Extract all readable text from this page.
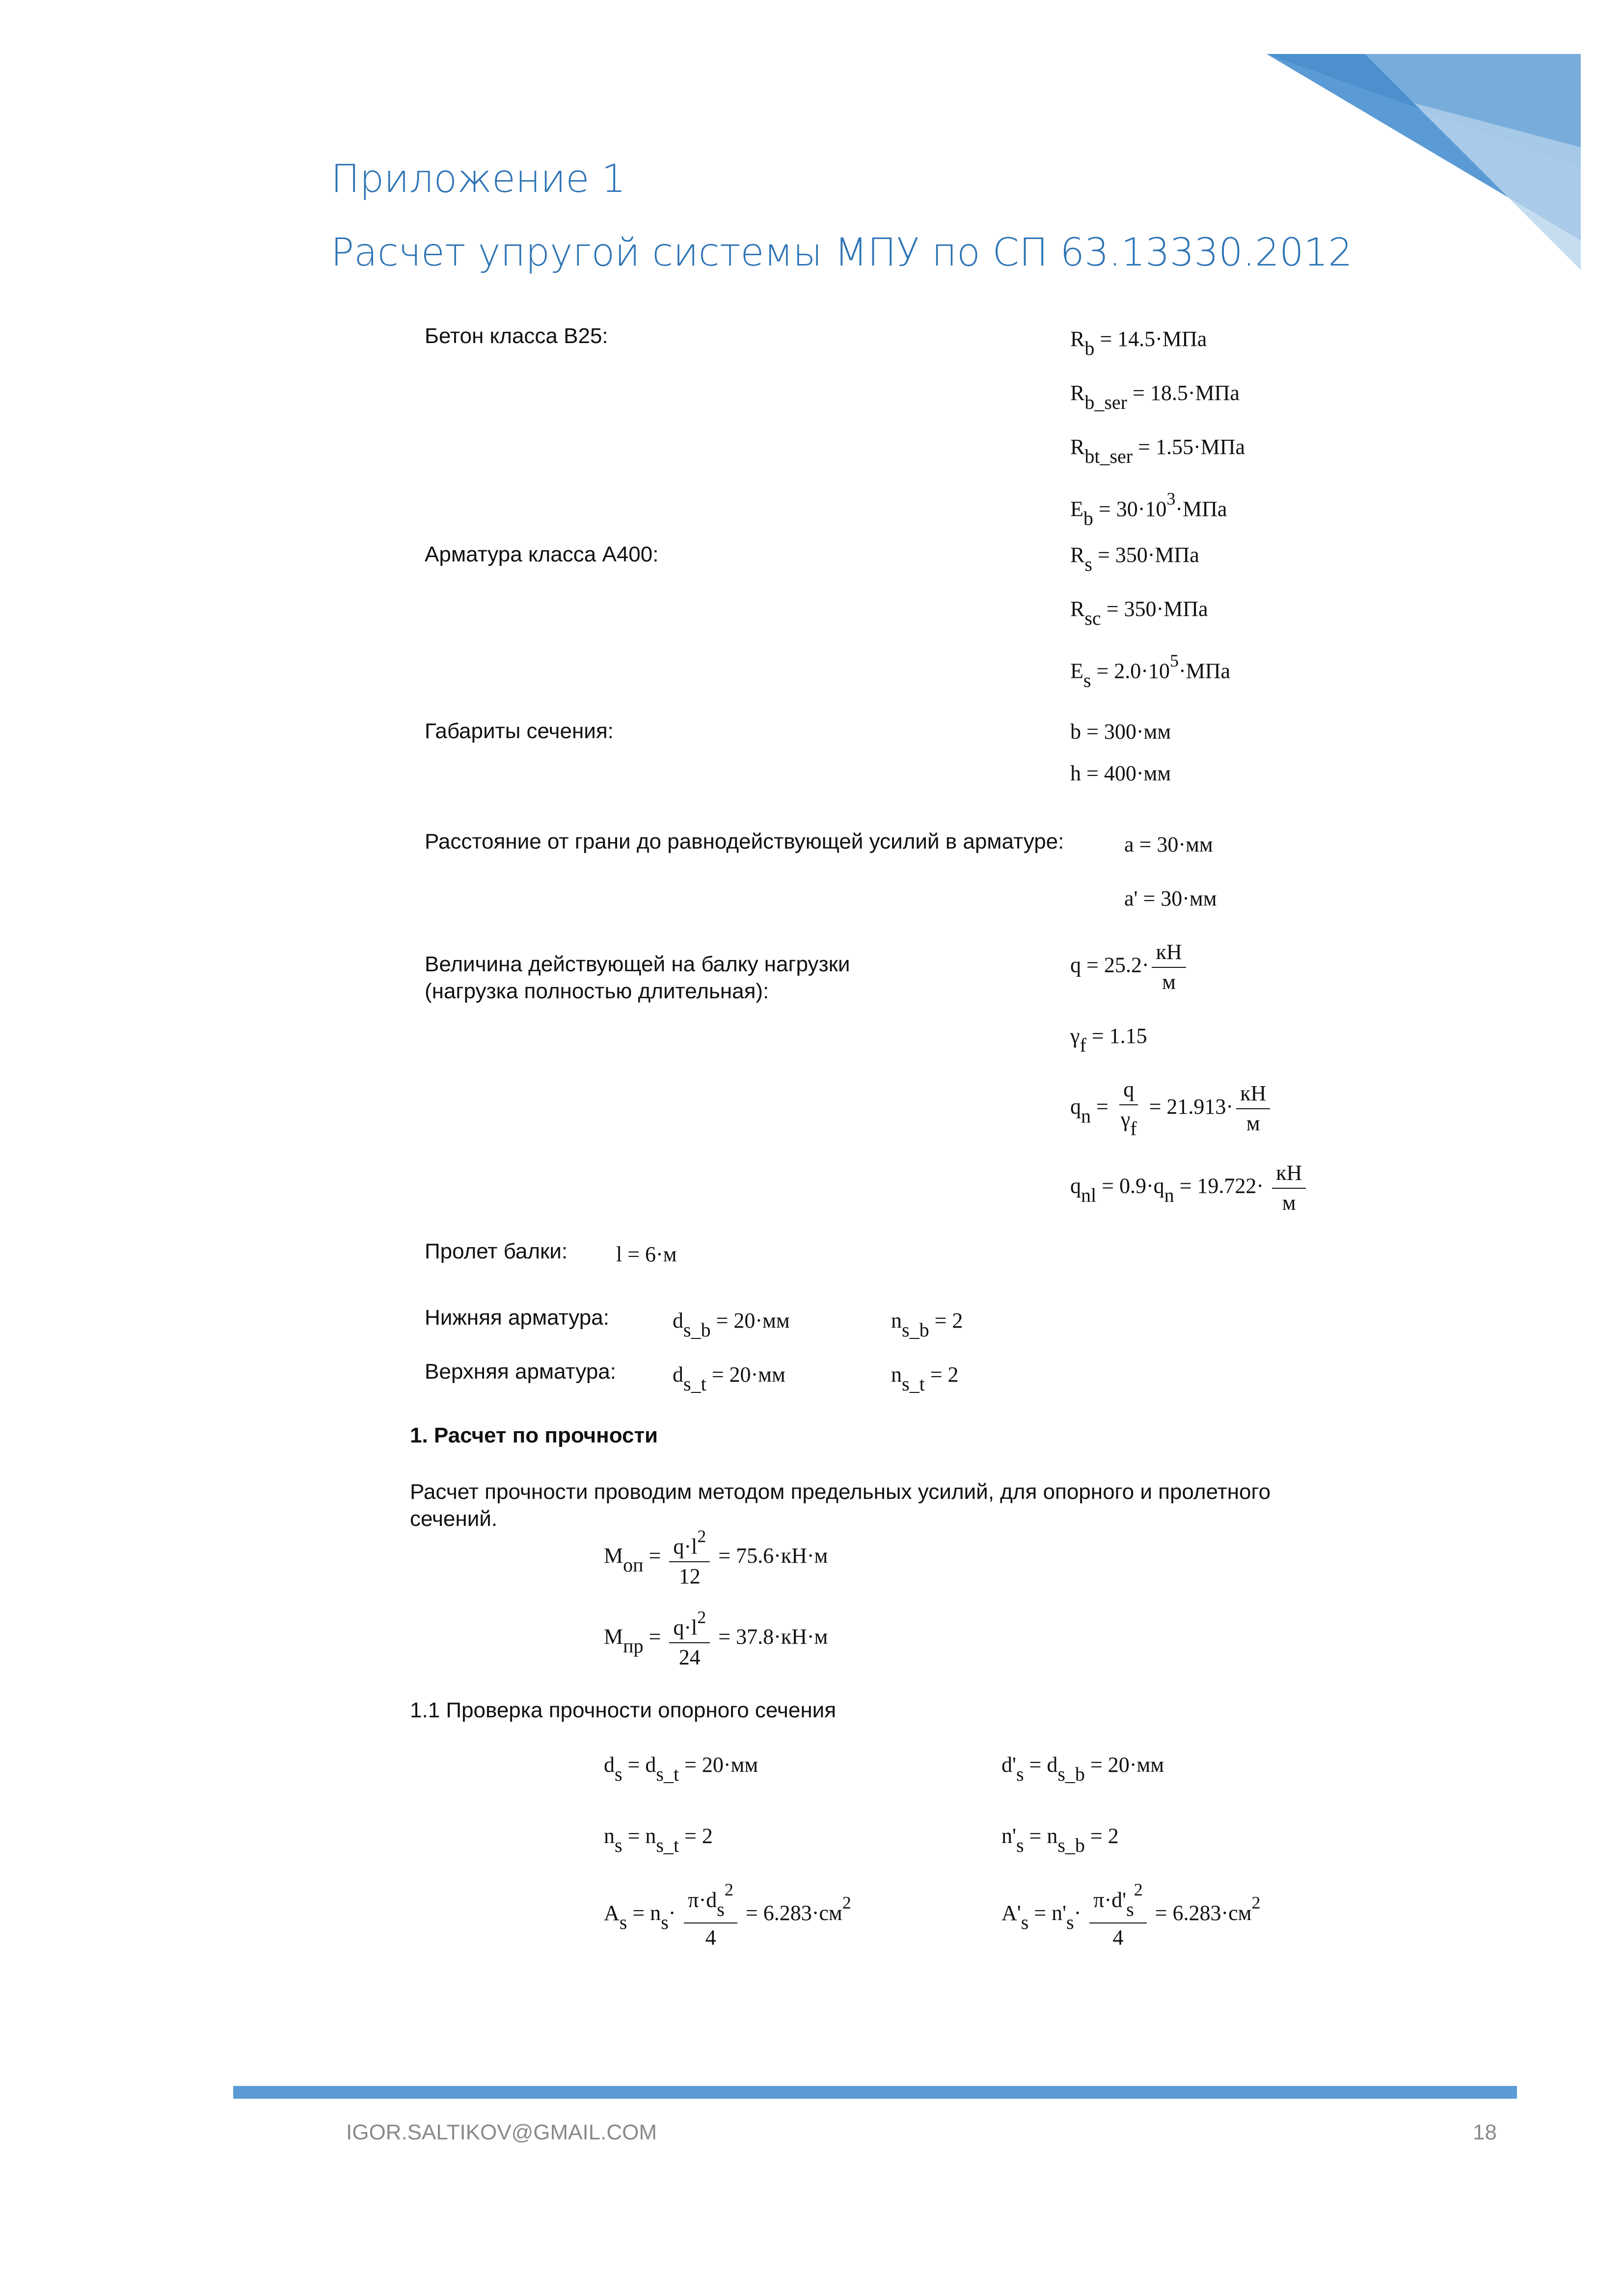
Приложение 1
Расчет упругой системы МПУ по СП 63.13330.2012
Бетон класса В25:	$R_b = 14.5\cdot МПа$
$R_{b\_ser} = 18.5\cdot МПа$
$R_{bt\_ser} = 1.55\cdot МПа$
$E_b = 30\cdot 10^3\cdot МПа$
Арматура класса А400:	$R_s = 350\cdot МПа$
$R_{sc} = 350\cdot МПа$
$E_s = 2.0\cdot 10^5\cdot МПа$
Габариты сечения:	b = 300·мм
h = 400·мм
Расстояние от грани до равнодействующей усилий в арматуре:	a = 30·мм
a' = 30·мм
Величина действующей на балку нагрузки
(нагрузка полностью длительная):
$q = 25.2\cdot \frac{кН}{м}$
$\gamma_f = 1.15$
$q_n = \frac{q}{\gamma_f} = 21.913\cdot \frac{кН}{м}$
$q_{nl} = 0.9\cdot q_n = 19.722\cdot \frac{кН}{м}$
Пролет балки: l = 6·м
Нижняя арматура:	$d_{s\_b} = 20\cdot мм$	$n_{s\_b} = 2$
Верхняя арматура:	$d_{s\_t} = 20\cdot мм$	$n_{s\_t} = 2$
1. Расчет по прочности
Расчет прочности проводим методом предельных усилий, для опорного и пролетного
сечений.
$M_{оп} = \frac{q\cdot l^2}{12} = 75.6\cdot кН\cdot м$
$M_{пр} = \frac{q\cdot l^2}{24} = 37.8\cdot кН\cdot м$
1.1 Проверка прочности опорного сечения
$d_s = d_{s\_t} = 20\cdot мм$	$d'_s = d_{s\_b} = 20\cdot мм$
$n_s = n_{s\_t} = 2$	$n'_s = n_{s\_b} = 2$
$A_s = n_s\cdot \frac{\pi\cdot d_s^2}{4} = 6.283\cdot см^2$	$A'_s = n'_s\cdot \frac{\pi\cdot d'_s^2}{4} = 6.283\cdot см^2$
IGOR.SALTIKOV@GMAIL.COM	18
